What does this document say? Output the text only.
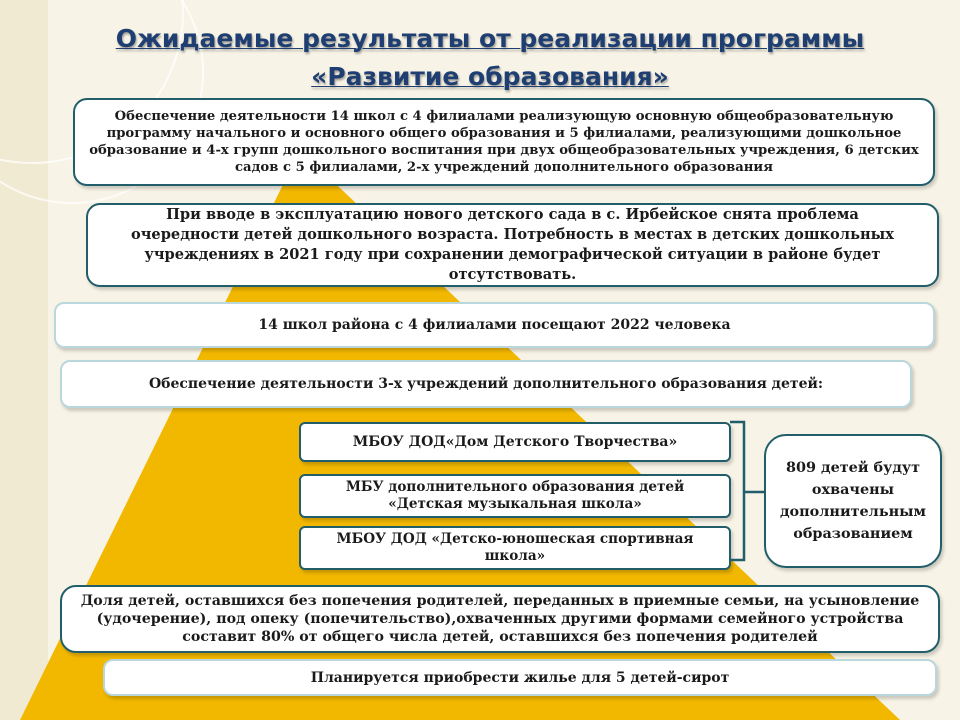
Ожидаемые результаты от реализации программы «Развитие образования»
Обеспечение деятельности 14 школ с 4 филиалами реализующую основную общеобразовательную программу начального и основного общего образования и 5 филиалами, реализующими дошкольное образование и 4-х групп дошкольного воспитания при двух общеобразовательных учреждения, 6 детских садов с 5 филиалами, 2-х учреждений дополнительного образования
При вводе в эксплуатацию нового детского сада в с. Ирбейское снята проблема очередности детей дошкольного возраста. Потребность в местах в детских дошкольных учреждениях в 2021 году при сохранении демографической ситуации в районе будет отсутствовать.
14 школ района с 4 филиалами посещают 2022 человека
Обеспечение деятельности 3-х учреждений дополнительного образования детей:
МБОУ ДОД«Дом Детского Творчества»
МБУ дополнительного образования детей «Детская музыкальная школа»
МБОУ ДОД «Детско-юношеская спортивная школа»
809 детей будут охвачены дополнительным образованием
Доля детей, оставшихся без попечения родителей, переданных в приемные семьи, на усыновление (удочерение), под опеку (попечительство),охваченных другими формами семейного устройства составит 80% от общего числа детей, оставшихся без попечения родителей
Планируется приобрести жилье для 5 детей-сирот
